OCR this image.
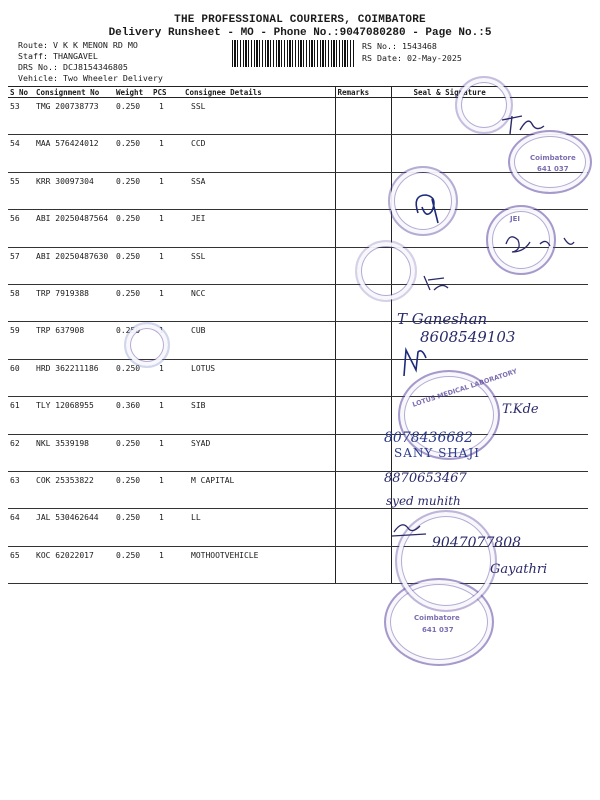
THE PROFESSIONAL COURIERS, COIMBATORE
Delivery Runsheet - MO - Phone No.:9047080280 - Page No.:5
Route: V K K MENON RD MO
Staff: THANGAVEL
DRS No.: DCJ8154346805
Vehicle: Two Wheeler Delivery
RS No.: 1543468
RS Date: 02-May-2025
S No	Consignment No	Weight	PCS	Consignee Details	Remarks	Seal & Signature
53	TMG 200738773	0.250	1	SSL		
54	MAA 576424012	0.250	1	CCD		
55	KRR 30097304	0.250	1	SSA		
56	ABI 20250487564	0.250	1	JEI		
57	ABI 20250487630	0.250	1	SSL		
58	TRP 7919388	0.250	1	NCC		
59	TRP 637908	0.250	1	CUB		
60	HRD 362211186	0.250	1	LOTUS		
61	TLY 12068955	0.360	1	SIB		
62	NKL 3539198	0.250	1	SYAD		
63	COK 25353822	0.250	1	M CAPITAL		
64	JAL 530462644	0.250	1	LL		
65	KOC 62022017	0.250	1	MOTHOOTVEHICLE		
Coimbatore
641 037
JEI
LOTUS MEDICAL LABORATORY
Coimbatore
641 037
T Ganeshan
8608549103
T.Kde
8078436682
SANY SHAJI
8870653467
syed muhith
9047077808
Gayathri
